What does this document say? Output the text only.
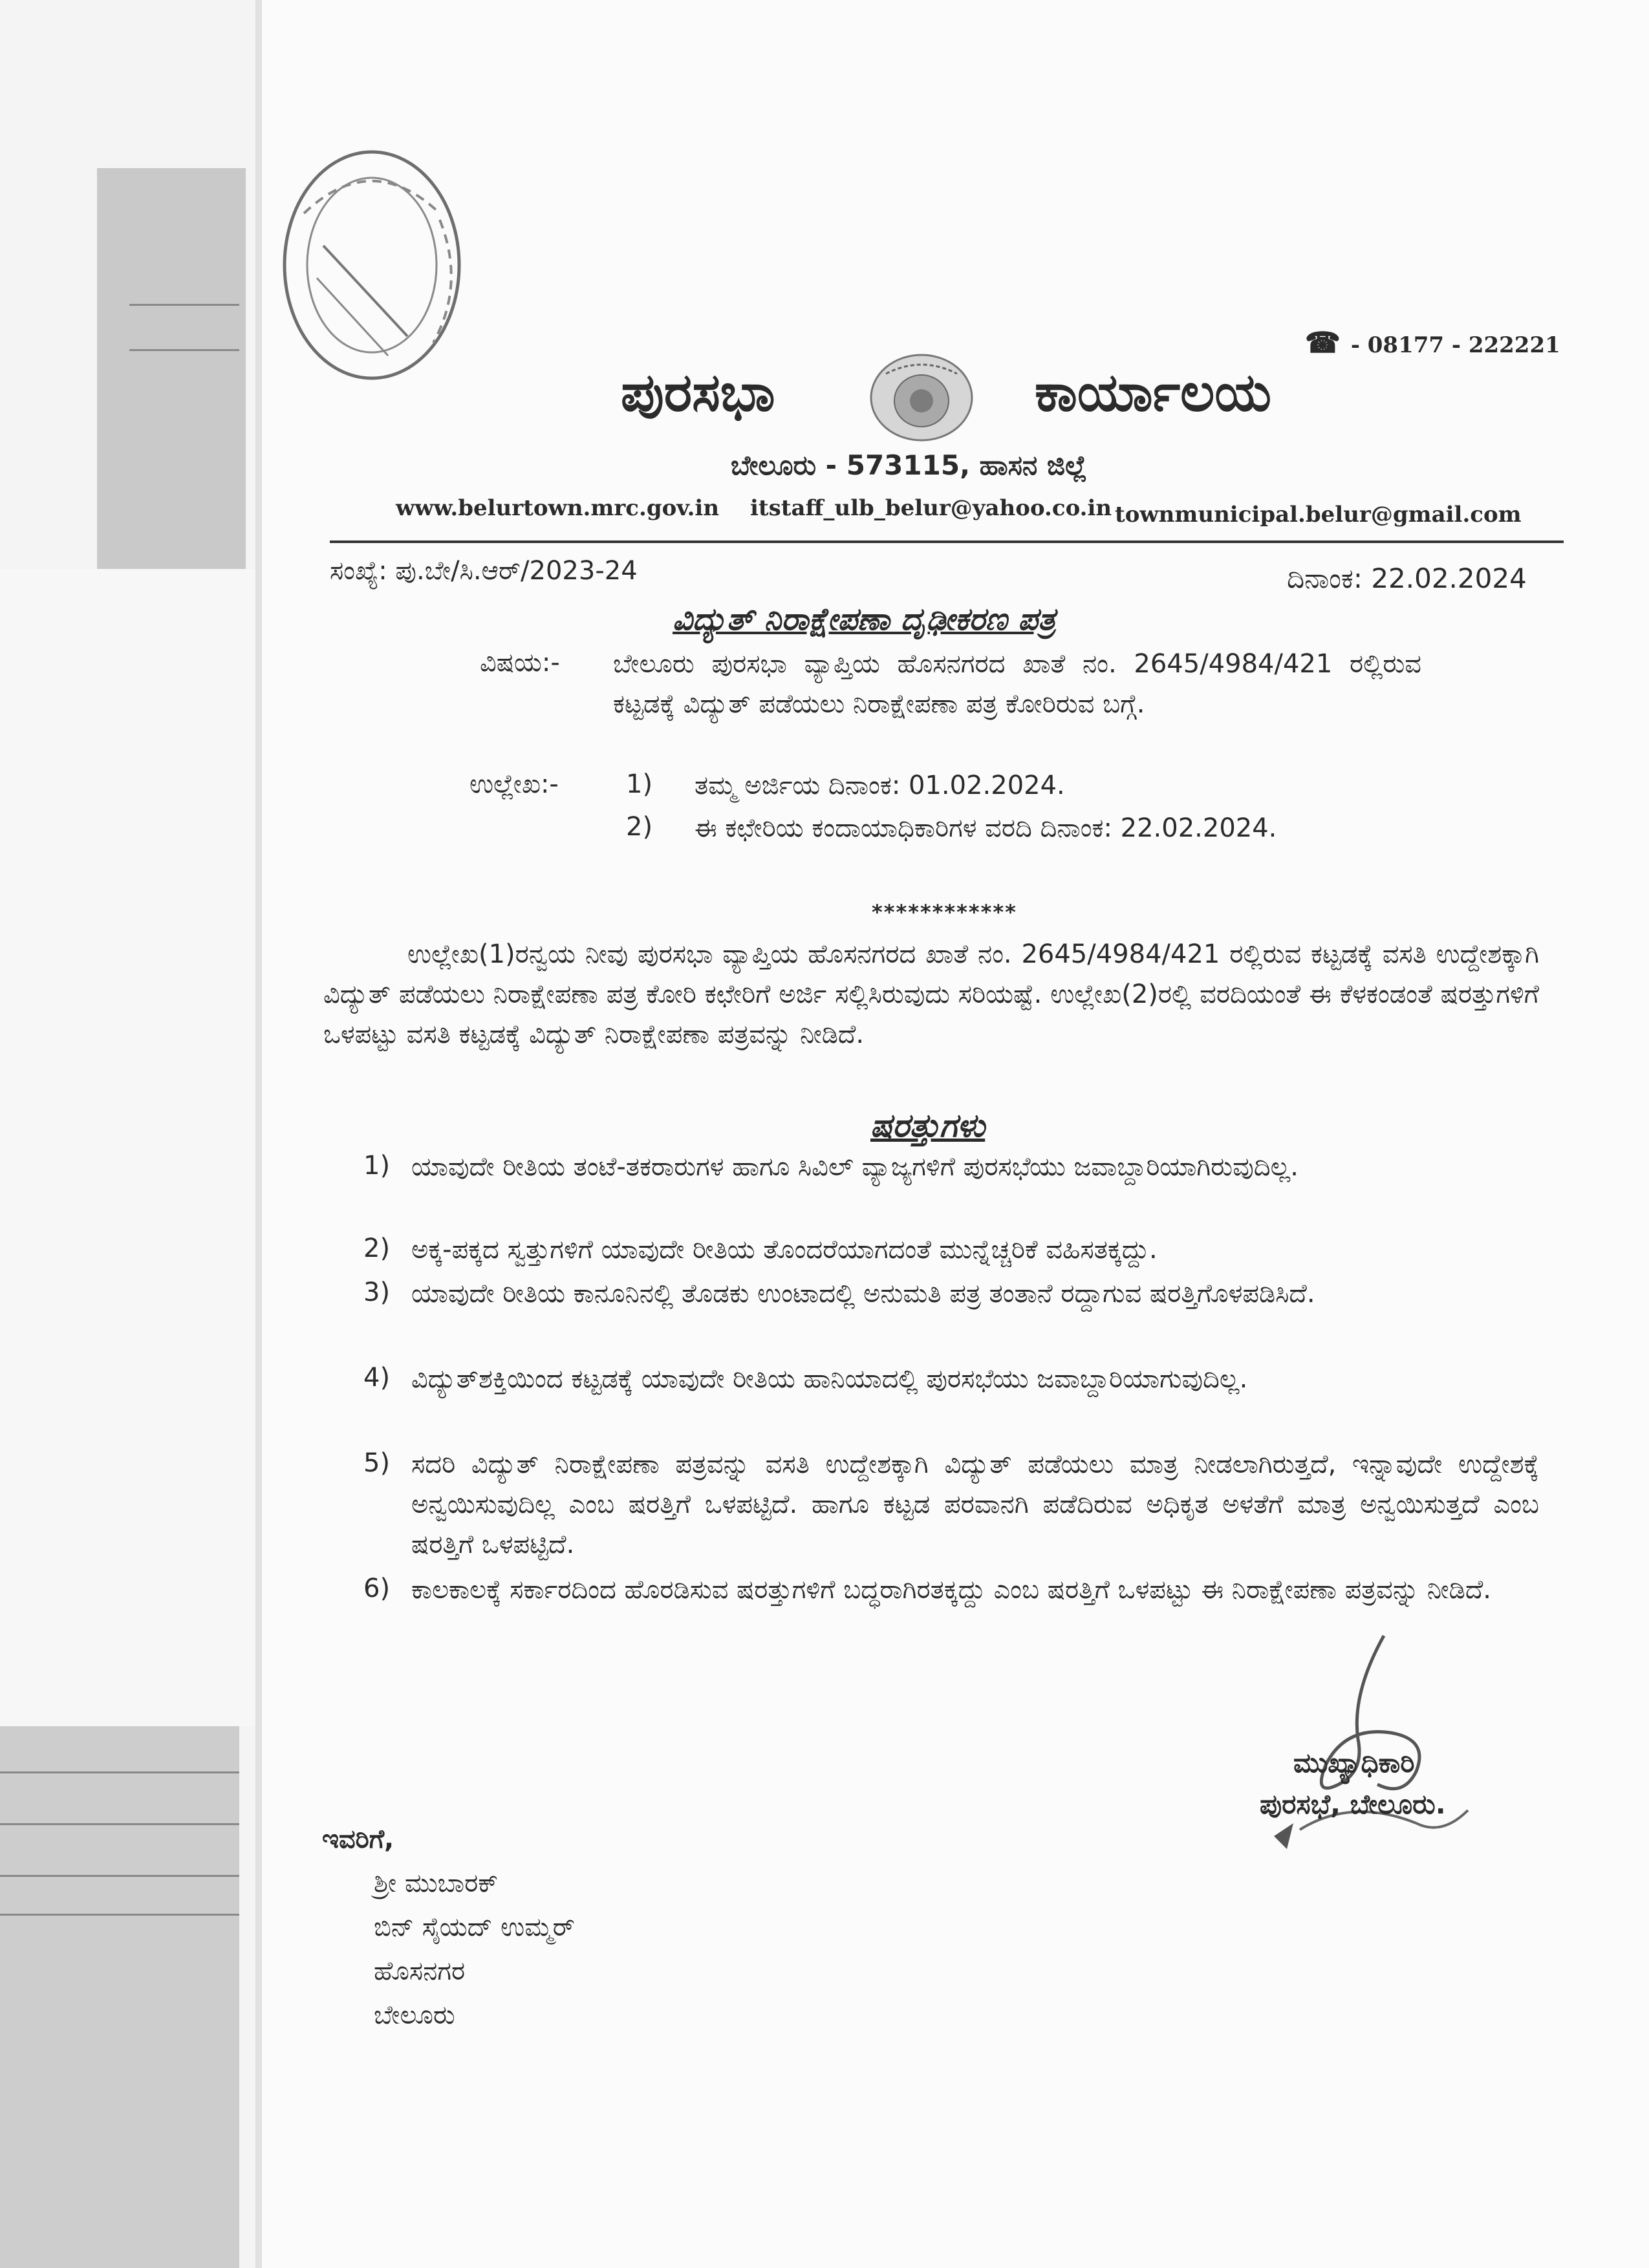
☎ - 08177 - 222221
ಪುರಸಭಾ	ಕಾರ್ಯಾಲಯ
ಬೇಲೂರು - 573115, ಹಾಸನ ಜಿಲ್ಲೆ
www.belurtown.mrc.gov.in itstaff_ulb_belur@yahoo.co.in townmunicipal.belur@gmail.com
ಸಂಖ್ಯೆ: ಪು.ಬೇ/ಸಿ.ಆರ್/2023-24	ದಿನಾಂಕ: 22.02.2024
ವಿದ್ಯುತ್ ನಿರಾಕ್ಷೇಪಣಾ ದೃಢೀಕರಣ ಪತ್ರ
ವಿಷಯ:- ಬೇಲೂರು ಪುರಸಭಾ ವ್ಯಾಪ್ತಿಯ ಹೊಸನಗರದ ಖಾತೆ ನಂ. 2645/4984/421 ರಲ್ಲಿರುವ ಕಟ್ಟಡಕ್ಕೆ ವಿದ್ಯುತ್ ಪಡೆಯಲು ನಿರಾಕ್ಷೇಪಣಾ ಪತ್ರ ಕೋರಿರುವ ಬಗ್ಗೆ.
ಉಲ್ಲೇಖ:-	1) ತಮ್ಮ ಅರ್ಜಿಯ ದಿನಾಂಕ: 01.02.2024.
2) ಈ ಕಛೇರಿಯ ಕಂದಾಯಾಧಿಕಾರಿಗಳ ವರದಿ ದಿನಾಂಕ: 22.02.2024.
************
ಉಲ್ಲೇಖ(1)ರನ್ವಯ ನೀವು ಪುರಸಭಾ ವ್ಯಾಪ್ತಿಯ ಹೊಸನಗರದ ಖಾತೆ ನಂ. 2645/4984/421 ರಲ್ಲಿರುವ ಕಟ್ಟಡಕ್ಕೆ ವಸತಿ ಉದ್ದೇಶಕ್ಕಾಗಿ ವಿದ್ಯುತ್ ಪಡೆಯಲು ನಿರಾಕ್ಷೇಪಣಾ ಪತ್ರ ಕೋರಿ ಕಛೇರಿಗೆ ಅರ್ಜಿ ಸಲ್ಲಿಸಿರುವುದು ಸರಿಯಷ್ಟೆ. ಉಲ್ಲೇಖ(2)ರಲ್ಲಿ ವರದಿಯಂತೆ ಈ ಕೆಳಕಂಡಂತೆ ಷರತ್ತುಗಳಿಗೆ ಒಳಪಟ್ಟು ವಸತಿ ಕಟ್ಟಡಕ್ಕೆ ವಿದ್ಯುತ್ ನಿರಾಕ್ಷೇಪಣಾ ಪತ್ರವನ್ನು ನೀಡಿದೆ.
ಷರತ್ತುಗಳು
1) ಯಾವುದೇ ರೀತಿಯ ತಂಟೆ-ತಕರಾರುಗಳ ಹಾಗೂ ಸಿವಿಲ್ ವ್ಯಾಜ್ಯಗಳಿಗೆ ಪುರಸಭೆಯು ಜವಾಬ್ದಾರಿಯಾಗಿರುವುದಿಲ್ಲ.
2) ಅಕ್ಕ-ಪಕ್ಕದ ಸ್ವತ್ತುಗಳಿಗೆ ಯಾವುದೇ ರೀತಿಯ ತೊಂದರೆಯಾಗದಂತೆ ಮುನ್ನೆಚ್ಚರಿಕೆ ವಹಿಸತಕ್ಕದ್ದು.
3) ಯಾವುದೇ ರೀತಿಯ ಕಾನೂನಿನಲ್ಲಿ ತೊಡಕು ಉಂಟಾದಲ್ಲಿ ಅನುಮತಿ ಪತ್ರ ತಂತಾನೆ ರದ್ದಾಗುವ ಷರತ್ತಿಗೊಳಪಡಿಸಿದೆ.
4) ವಿದ್ಯುತ್‌ಶಕ್ತಿಯಿಂದ ಕಟ್ಟಡಕ್ಕೆ ಯಾವುದೇ ರೀತಿಯ ಹಾನಿಯಾದಲ್ಲಿ ಪುರಸಭೆಯು ಜವಾಬ್ದಾರಿಯಾಗುವುದಿಲ್ಲ.
5) ಸದರಿ ವಿದ್ಯುತ್ ನಿರಾಕ್ಷೇಪಣಾ ಪತ್ರವನ್ನು ವಸತಿ ಉದ್ದೇಶಕ್ಕಾಗಿ ವಿದ್ಯುತ್ ಪಡೆಯಲು ಮಾತ್ರ ನೀಡಲಾಗಿರುತ್ತದೆ, ಇನ್ನಾವುದೇ ಉದ್ದೇಶಕ್ಕೆ ಅನ್ವಯಿಸುವುದಿಲ್ಲ ಎಂಬ ಷರತ್ತಿಗೆ ಒಳಪಟ್ಟಿದೆ. ಹಾಗೂ ಕಟ್ಟಡ ಪರವಾನಗಿ ಪಡೆದಿರುವ ಅಧಿಕೃತ ಅಳತೆಗೆ ಮಾತ್ರ ಅನ್ವಯಿಸುತ್ತದೆ ಎಂಬ ಷರತ್ತಿಗೆ ಒಳಪಟ್ಟಿದೆ.
6) ಕಾಲಕಾಲಕ್ಕೆ ಸರ್ಕಾರದಿಂದ ಹೊರಡಿಸುವ ಷರತ್ತುಗಳಿಗೆ ಬದ್ಧರಾಗಿರತಕ್ಕದ್ದು ಎಂಬ ಷರತ್ತಿಗೆ ಒಳಪಟ್ಟು ಈ ನಿರಾಕ್ಷೇಪಣಾ ಪತ್ರವನ್ನು ನೀಡಿದೆ.
ಮುಖ್ಯಾಧಿಕಾರಿ
ಪುರಸಭೆ, ಬೇಲೂರು.
ಇವರಿಗೆ,
ಶ್ರೀ ಮುಬಾರಕ್
ಬಿನ್ ಸೈಯದ್ ಉಮ್ಮರ್
ಹೊಸನಗರ
ಬೇಲೂರು
